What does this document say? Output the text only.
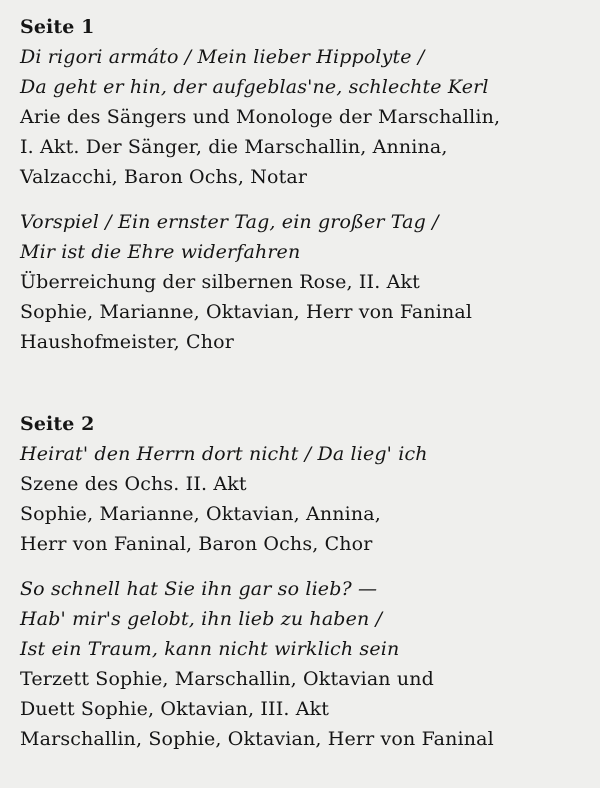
Seite 1
Di rigori armáto / Mein lieber Hippolyte /
Da geht er hin, der aufgeblas'ne, schlechte Kerl
Arie des Sängers und Monologe der Marschallin,
I. Akt. Der Sänger, die Marschallin, Annina,
Valzacchi, Baron Ochs, Notar
Vorspiel / Ein ernster Tag, ein großer Tag /
Mir ist die Ehre widerfahren
Überreichung der silbernen Rose, II. Akt
Sophie, Marianne, Oktavian, Herr von Faninal
Haushofmeister, Chor
Seite 2
Heirat' den Herrn dort nicht / Da lieg' ich
Szene des Ochs. II. Akt
Sophie, Marianne, Oktavian, Annina,
Herr von Faninal, Baron Ochs, Chor
So schnell hat Sie ihn gar so lieb? —
Hab' mir's gelobt, ihn lieb zu haben /
Ist ein Traum, kann nicht wirklich sein
Terzett Sophie, Marschallin, Oktavian und
Duett Sophie, Oktavian, III. Akt
Marschallin, Sophie, Oktavian, Herr von Faninal
